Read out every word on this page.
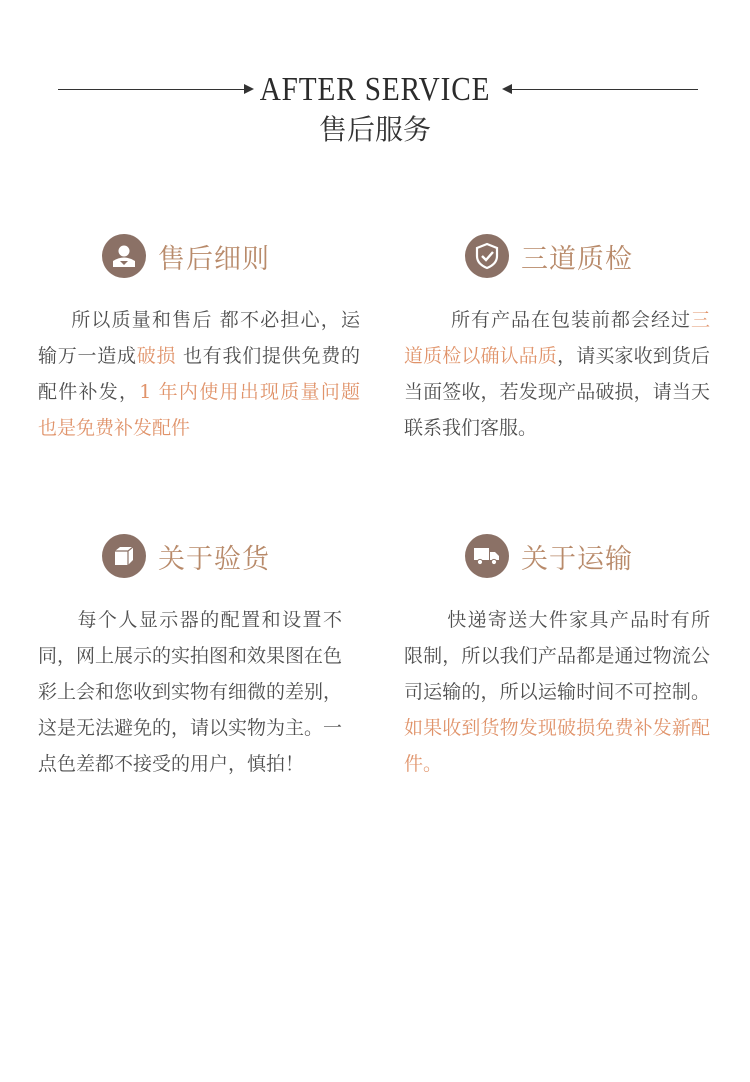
AFTER SERVICE
售后服务
售后细则
所以质量和售后 都不必担心，运输万一造成破损 也有我们提供免费的配件补发，1 年内使用出现质量问题 也是免费补发配件
三道质检
所有产品在包装前都会经过三道质检以确认品质，请买家收到货后当面签收，若发现产品破损，请当天联系我们客服。
关于验货
每个人显示器的配置和设置不同，网上展示的实拍图和效果图在色彩上会和您收到实物有细微的差别，这是无法避免的，请以实物为主。一点色差都不接受的用户，慎拍！
关于运输
快递寄送大件家具产品时有所限制，所以我们产品都是通过物流公司运输的，所以运输时间不可控制。如果收到货物发现破损免费补发新配件。
